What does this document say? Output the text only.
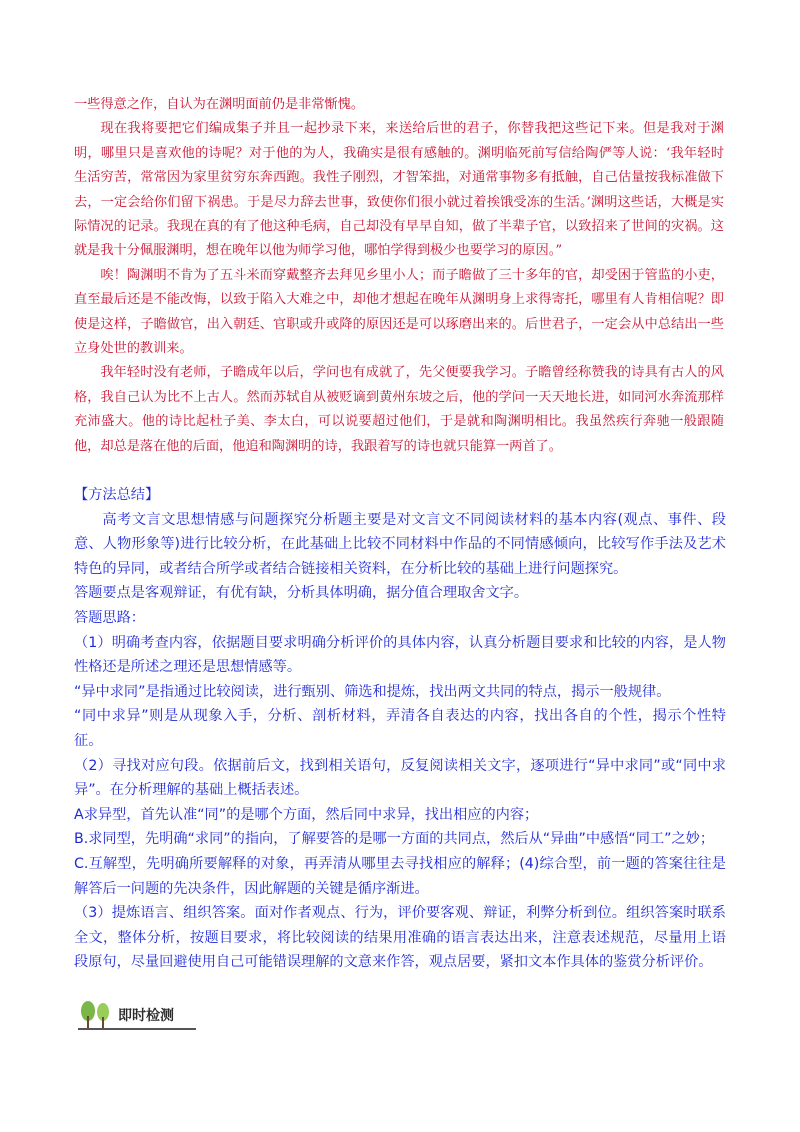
一些得意之作，自认为在渊明面前仍是非常惭愧。

现在我将要把它们编成集子并且一起抄录下来，来送给后世的君子，你替我把这些记下来。但是我对于渊明，哪里只是喜欢他的诗呢？对于他的为人，我确实是很有感触的。渊明临死前写信给陶俨等人说：‘我年轻时生活穷苦，常常因为家里贫穷东奔西跑。我性子刚烈，才智笨拙，对通常事物多有抵触，自己估量按我标准做下去，一定会给你们留下祸患。于是尽力辞去世事，致使你们很小就过着挨饿受冻的生活。’渊明这些话，大概是实际情况的记录。我现在真的有了他这种毛病，自己却没有早早自知，做了半辈子官，以致招来了世间的灾祸。这就是我十分佩服渊明，想在晚年以他为师学习他，哪怕学得到极少也要学习的原因。”

唉！陶渊明不肯为了五斗米而穿戴整齐去拜见乡里小人；而子瞻做了三十多年的官，却受困于管监的小吏，直至最后还是不能改悔，以致于陷入大难之中，却他才想起在晚年从渊明身上求得寄托，哪里有人肯相信呢？即使是这样，子瞻做官，出入朝廷、官职或升或降的原因还是可以琢磨出来的。后世君子，一定会从中总结出一些立身处世的教训来。

我年轻时没有老师，子瞻成年以后，学问也有成就了，先父便要我学习。子瞻曾经称赞我的诗具有古人的风格，我自己认为比不上古人。然而苏轼自从被贬谪到黄州东坡之后，他的学问一天天地长进，如同河水奔流那样充沛盛大。他的诗比起杜子美、李太白，可以说要超过他们，于是就和陶渊明相比。我虽然疾行奔驰一般跟随他，却总是落在他的后面，他追和陶渊明的诗，我跟着写的诗也就只能算一两首了。

【方法总结】

高考文言文思想情感与问题探究分析题主要是对文言文不同阅读材料的基本内容(观点、事件、段意、人物形象等)进行比较分析，在此基础上比较不同材料中作品的不同情感倾向，比较写作手法及艺术特色的异同，或者结合所学或者结合链接相关资料，在分析比较的基础上进行问题探究。

答题要点是客观辩证，有优有缺，分析具体明确，据分值合理取舍文字。

答题思路：

（1）明确考查内容，依据题目要求明确分析评价的具体内容，认真分析题目要求和比较的内容，是人物性格还是所述之理还是思想情感等。

“异中求同”是指通过比较阅读，进行甄别、筛选和提炼，找出两文共同的特点，揭示一般规律。

“同中求异”则是从现象入手，分析、剖析材料，弄清各自表达的内容，找出各自的个性，揭示个性特征。

（2）寻找对应句段。依据前后文，找到相关语句，反复阅读相关文字，逐项进行“异中求同”或“同中求异”。在分析理解的基础上概括表述。

A求异型，首先认准“同”的是哪个方面，然后同中求异，找出相应的内容；

B.求同型，先明确“求同”的指向，了解要答的是哪一方面的共同点，然后从“异曲”中感悟“同工”之妙；

C.互解型，先明确所要解释的对象，再弄清从哪里去寻找相应的解释；(4)综合型，前一题的答案往往是解答后一问题的先决条件，因此解题的关键是循序渐进。

（3）提炼语言、组织答案。面对作者观点、行为，评价要客观、辩证，利弊分析到位。组织答案时联系全文，整体分析，按题目要求，将比较阅读的结果用准确的语言表达出来，注意表述规范，尽量用上语段原句，尽量回避使用自己可能错误理解的文意来作答，观点居要，紧扣文本作具体的鉴赏分析评价。

即时检测
